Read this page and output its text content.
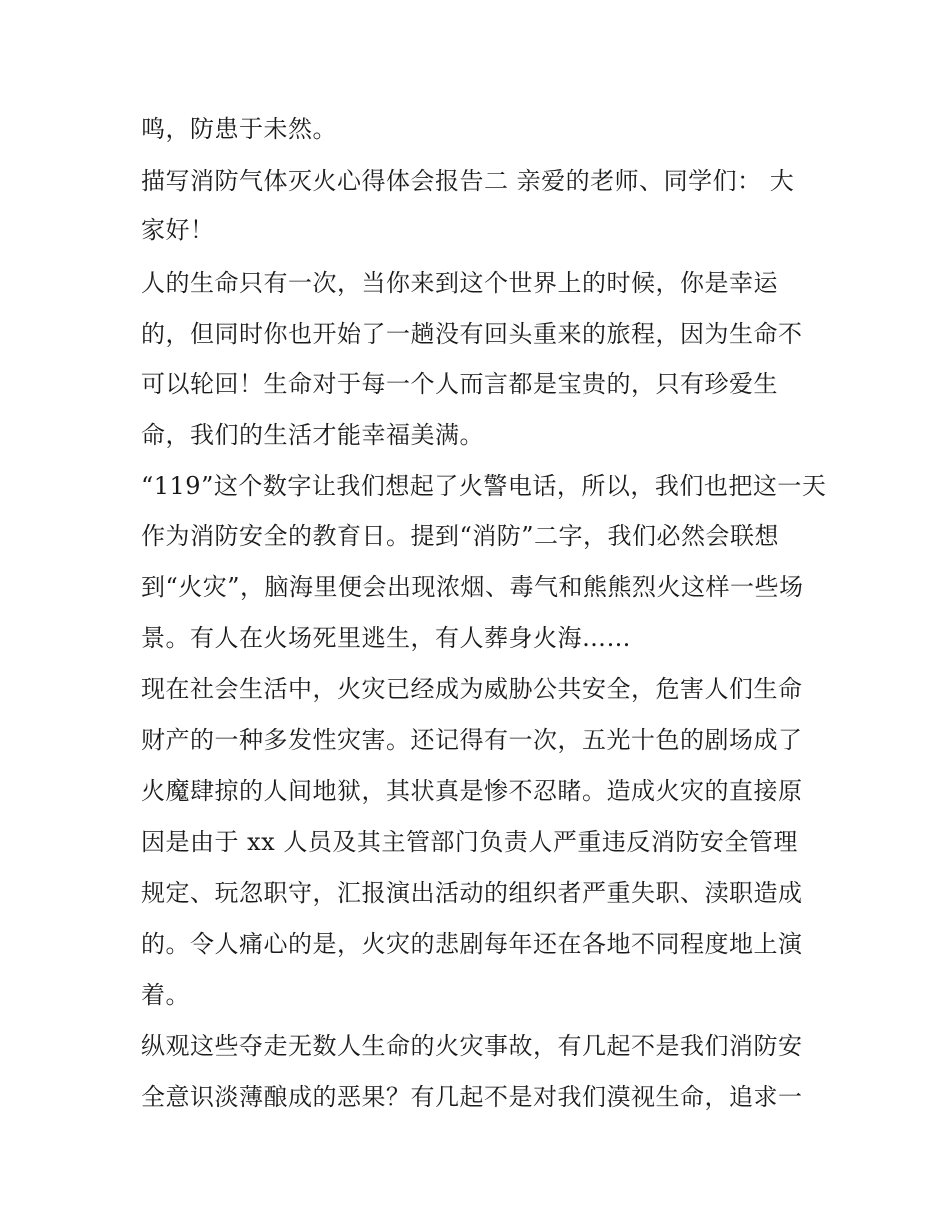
鸣，防患于未然。
描写消防气体灭火心得体会报告二 亲爱的老师、同学们： 大
家好！
人的生命只有一次，当你来到这个世界上的时候，你是幸运
的，但同时你也开始了一趟没有回头重来的旅程，因为生命不
可以轮回！生命对于每一个人而言都是宝贵的，只有珍爱生
命，我们的生活才能幸福美满。
“119”这个数字让我们想起了火警电话，所以，我们也把这一天
作为消防安全的教育日。提到“消防”二字，我们必然会联想
到“火灾”，脑海里便会出现浓烟、毒气和熊熊烈火这样一些场
景。有人在火场死里逃生，有人葬身火海……
现在社会生活中，火灾已经成为威胁公共安全，危害人们生命
财产的一种多发性灾害。还记得有一次，五光十色的剧场成了
火魔肆掠的人间地狱，其状真是惨不忍睹。造成火灾的直接原
因是由于 xx 人员及其主管部门负责人严重违反消防安全管理
规定、玩忽职守，汇报演出活动的组织者严重失职、渎职造成
的。令人痛心的是，火灾的悲剧每年还在各地不同程度地上演
着。
纵观这些夺走无数人生命的火灾事故，有几起不是我们消防安
全意识淡薄酿成的恶果？有几起不是对我们漠视生命，追求一
